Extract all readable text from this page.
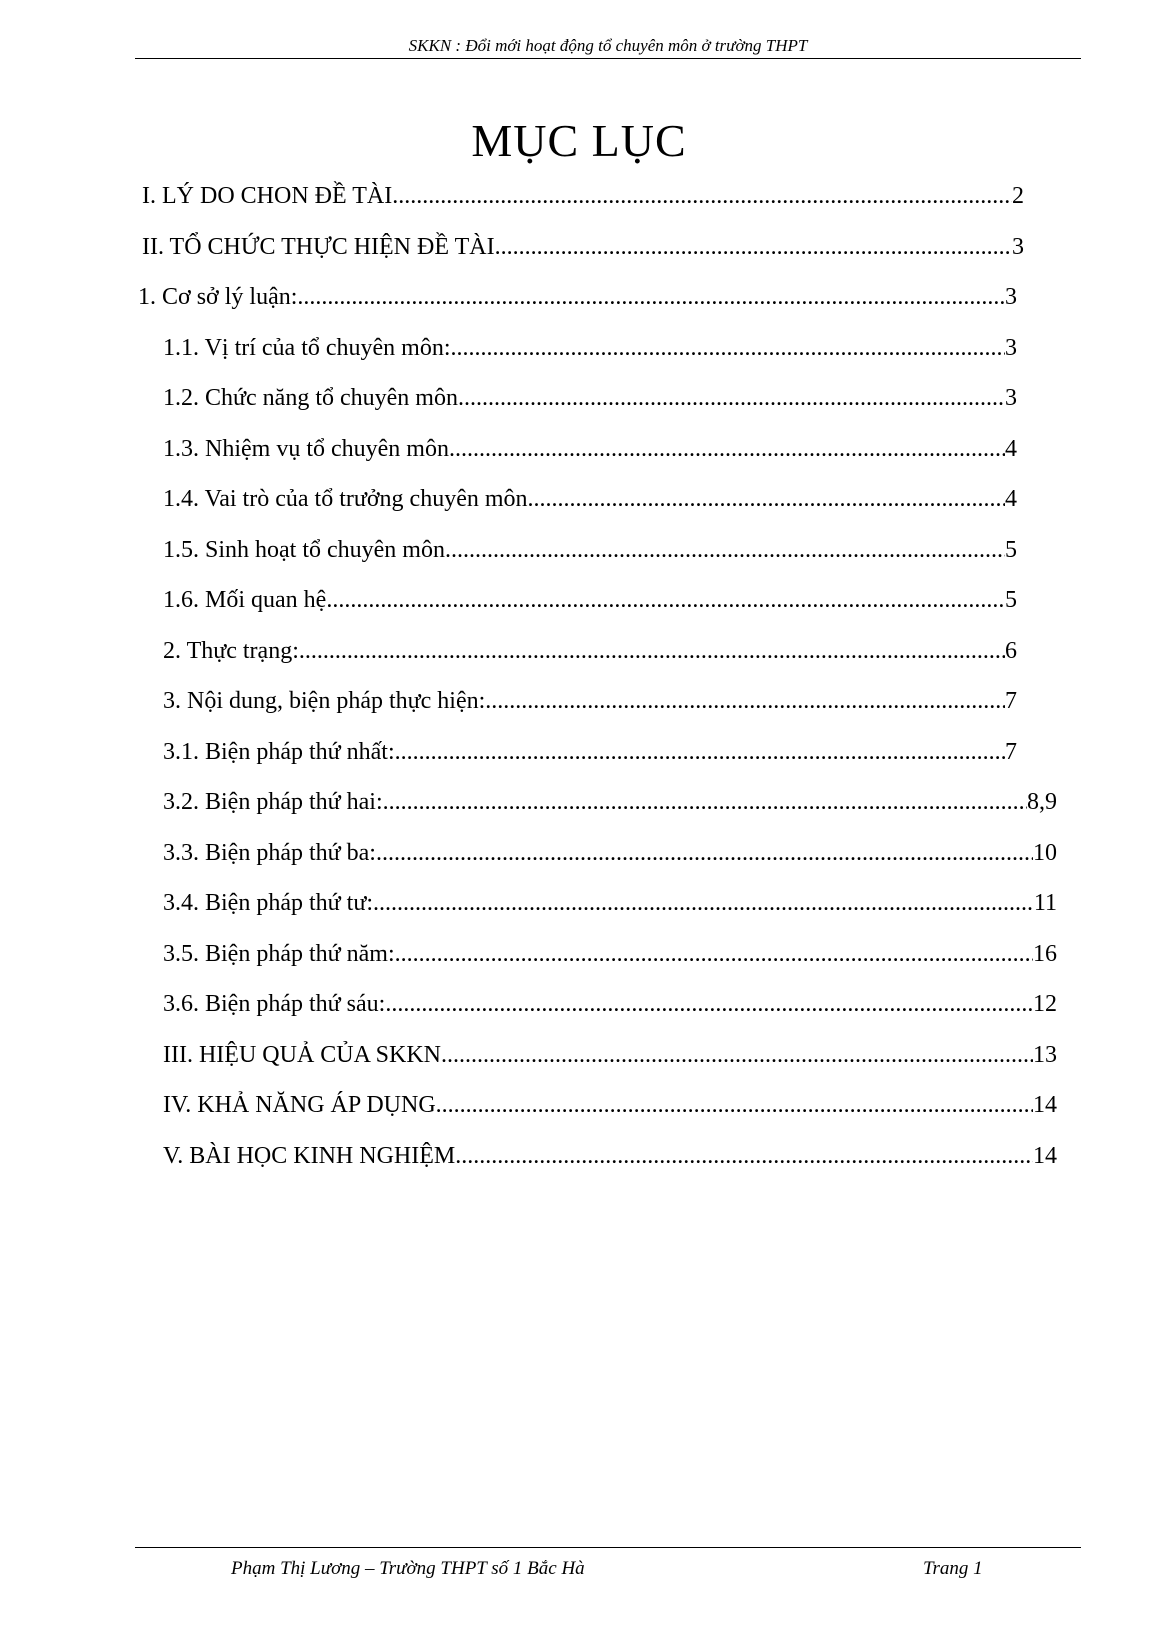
SKKN : Đổi mới hoạt động tổ chuyên môn ở trường THPT
MỤC LỤC
I. LÝ DO CHON ĐỀ TÀI .....	2
II. TỔ CHỨC THỰC HIỆN ĐỀ TÀI .....	3
1. Cơ sở lý luận: .....	3
1.1. Vị trí của tổ chuyên môn: .....	3
1.2. Chức năng tổ chuyên môn .....	3
1.3. Nhiệm vụ tổ chuyên môn .....	4
1.4. Vai trò của tổ trưởng chuyên môn .....	4
1.5. Sinh hoạt tổ chuyên môn .....	5
1.6. Mối quan hệ .....	5
2. Thực trạng: .....	6
3. Nội dung, biện pháp thực hiện: .....	7
3.1. Biện pháp thứ nhất: .....	7
3.2. Biện pháp thứ hai: .....	8,9
3.3. Biện pháp thứ ba: .....	10
3.4. Biện pháp thứ tư: .....	11
3.5. Biện pháp thứ năm: .....	16
3.6. Biện pháp thứ sáu: .....	12
III. HIỆU QUẢ CỦA SKKN .....	13
IV. KHẢ NĂNG ÁP DỤNG .....	14
V. BÀI HỌC KINH NGHIỆM .....	14
Phạm Thị Lương – Trường THPT số 1 Bắc Hà	Trang 1
